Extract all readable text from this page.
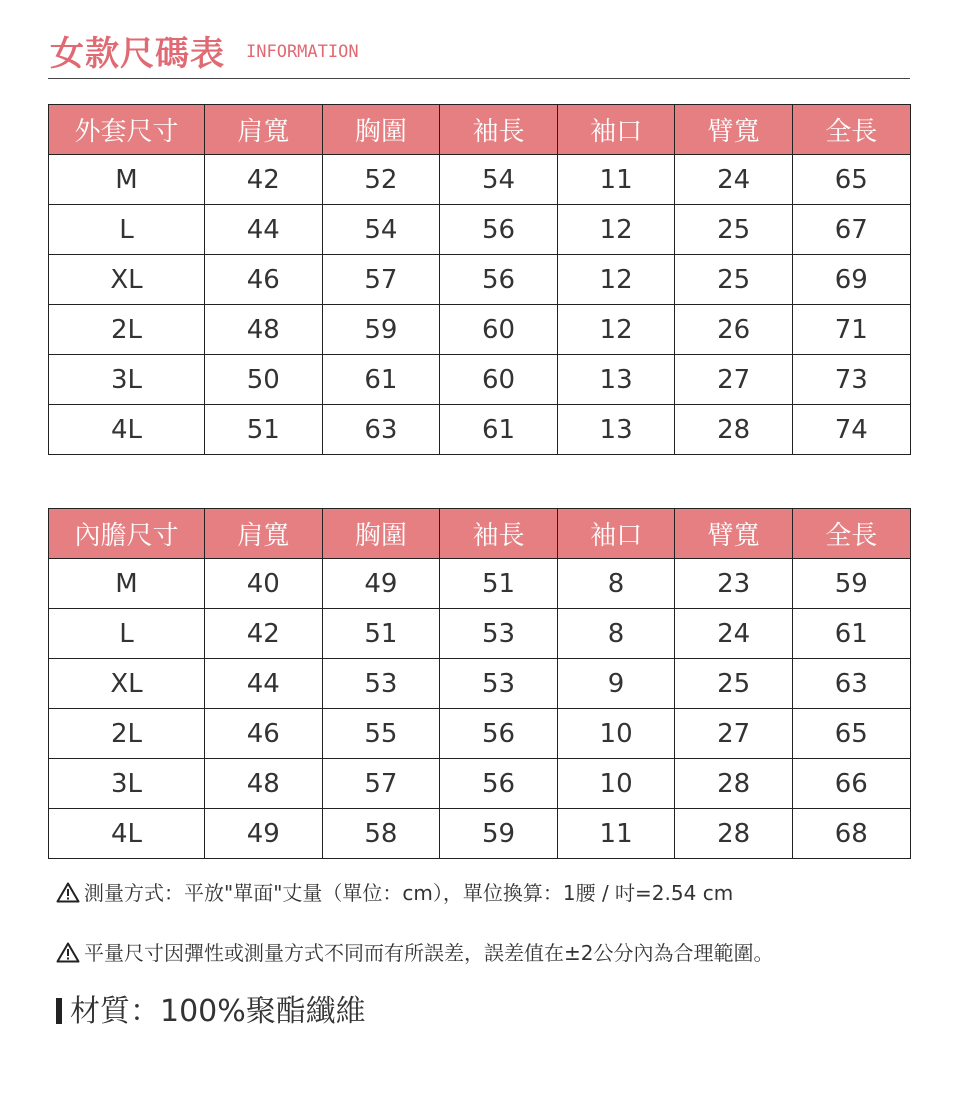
女款尺碼表 INFORMATION
外套尺寸	肩寬	胸圍	袖長	袖口	臂寬	全長
M	42	52	54	11	24	65
L	44	54	56	12	25	67
XL	46	57	56	12	25	69
2L	48	59	60	12	26	71
3L	50	61	60	13	27	73
4L	51	63	61	13	28	74
內膽尺寸	肩寬	胸圍	袖長	袖口	臂寬	全長
M	40	49	51	8	23	59
L	42	51	53	8	24	61
XL	44	53	53	9	25	63
2L	46	55	56	10	27	65
3L	48	57	56	10	28	66
4L	49	58	59	11	28	68
測量方式：平放"單面"丈量（單位：cm），單位換算：1腰 / 吋=2.54 cm
平量尺寸因彈性或測量方式不同而有所誤差，誤差值在±2公分內為合理範圍。
材質：100%聚酯纖維
